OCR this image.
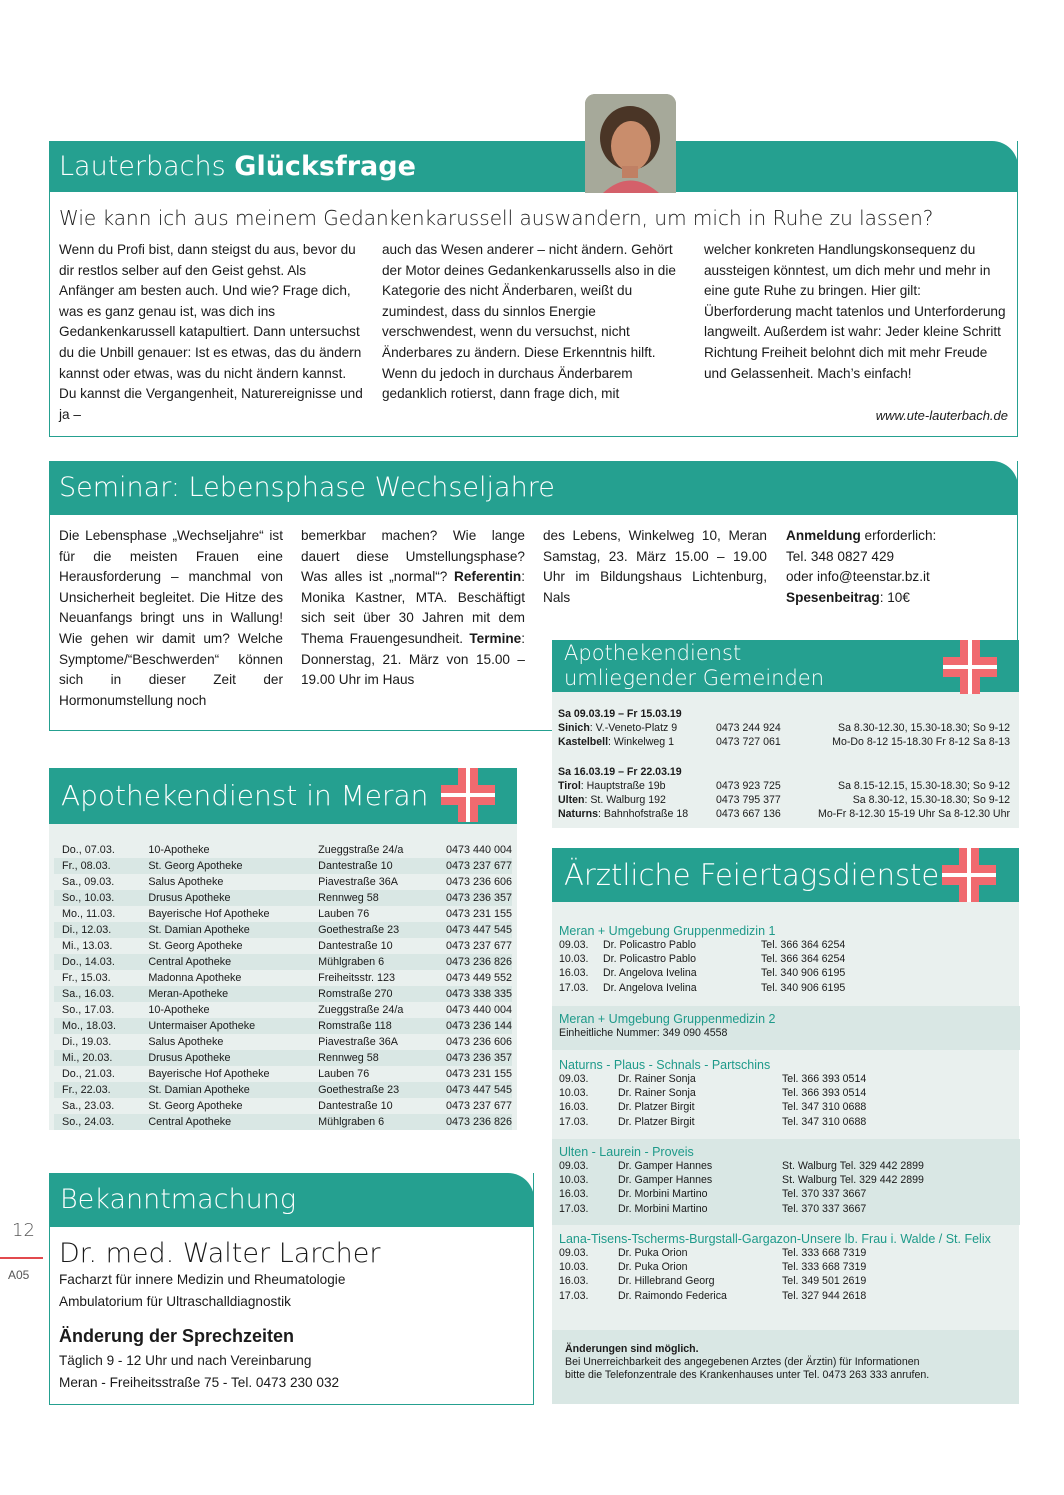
Lauterbachs Glücksfrage
Wie kann ich aus meinem Gedankenkarussell auswandern, um mich in Ruhe zu lassen?

Wenn du Profi bist, dann steigst du aus, bevor du dir restlos selber auf den Geist gehst. Als Anfänger am besten auch. Und wie? Frage dich, was es ganz genau ist, was dich ins Gedankenkarussell katapultiert. Dann untersuchst du die Unbill genauer: Ist es etwas, das du ändern kannst oder etwas, was du nicht ändern kannst. Du kannst die Vergangenheit, Naturereignisse und ja –

auch das Wesen anderer – nicht ändern. Gehört der Motor deines Gedankenkarussells also in die Kategorie des nicht Änderbaren, weißt du zumindest, dass du sinnlos Energie verschwendest, wenn du versuchst, nicht Änderbares zu ändern. Diese Erkenntnis hilft. Wenn du jedoch in durchaus Änderbarem gedanklich rotierst, dann frage dich, mit

welcher konkreten Handlungskonsequenz du aussteigen könntest, um dich mehr und mehr in eine gute Ruhe zu bringen. Hier gilt: Überforderung macht tatenlos und Unterforderung langweilt. Außerdem ist wahr: Jeder kleine Schritt Richtung Freiheit belohnt dich mit mehr Freude und Gelassenheit. Mach’s einfach!

www.ute-lauterbach.de
Seminar: Lebensphase Wechseljahre

Die Lebensphase „Wechseljahre“ ist für die meisten Frauen eine Herausforderung – manchmal von Unsicherheit begleitet. Die Hitze des Neuanfangs bringt uns in Wallung! Wie gehen wir damit um? Welche Symptome/“Beschwerden“ können sich in dieser Zeit der Hormonumstellung noch

bemerkbar machen? Wie lange dauert diese Umstellungsphase? Was alles ist „normal“? Referentin: Monika Kastner, MTA. Beschäftigt sich seit über 30 Jahren mit dem Thema Frauengesundheit. Termine: Donnerstag, 21. März von 15.00 – 19.00 Uhr im Haus

des Lebens, Winkelweg 10, Meran Samstag, 23. März 15.00 – 19.00 Uhr im Bildungshaus Lichtenburg, Nals

Anmeldung erforderlich:
Tel. 348 0827 429
oder info@teenstar.bz.it
Spesenbeitrag: 10€
Apothekendienst
umliegender Gemeinden
Sa 09.03.19 – Fr 15.03.19
Sinich: V.-Veneto-Platz 9	0473 244 924	Sa 8.30-12.30, 15.30-18.30; So 9-12
Kastelbell: Winkelweg 1	0473 727 061	Mo-Do 8-12 15-18.30 Fr 8-12 Sa 8-13
Sa 16.03.19 – Fr 22.03.19
Tirol: Hauptstraße 19b	0473 923 725	Sa 8.15-12.15, 15.30-18.30; So 9-12
Ulten: St. Walburg 192	0473 795 377	Sa 8.30-12, 15.30-18.30; So 9-12
Naturns: Bahnhofstraße 18	0473 667 136	Mo-Fr 8-12.30 15-19 Uhr Sa 8-12.30 Uhr
Apothekendienst in Meran
Do., 07.03.	10-Apotheke	Zueggstraße 24/a	0473 440 004
Fr., 08.03.	St. Georg Apotheke	Dantestraße 10	0473 237 677
Sa., 09.03.	Salus Apotheke	Piavestraße 36A	0473 236 606
So., 10.03.	Drusus Apotheke	Rennweg 58	0473 236 357
Mo., 11.03.	Bayerische Hof Apotheke	Lauben 76	0473 231 155
Di., 12.03.	St. Damian Apotheke	Goethestraße 23	0473 447 545
Mi., 13.03.	St. Georg Apotheke	Dantestraße 10	0473 237 677
Do., 14.03.	Central Apotheke	Mühlgraben 6	0473 236 826
Fr., 15.03.	Madonna Apotheke	Freiheitsstr. 123	0473 449 552
Sa., 16.03.	Meran-Apotheke	Romstraße 270	0473 338 335
So., 17.03.	10-Apotheke	Zueggstraße 24/a	0473 440 004
Mo., 18.03.	Untermaiser Apotheke	Romstraße 118	0473 236 144
Di., 19.03.	Salus Apotheke	Piavestraße 36A	0473 236 606
Mi., 20.03.	Drusus Apotheke	Rennweg 58	0473 236 357
Do., 21.03.	Bayerische Hof Apotheke	Lauben 76	0473 231 155
Fr., 22.03.	St. Damian Apotheke	Goethestraße 23	0473 447 545
Sa., 23.03.	St. Georg Apotheke	Dantestraße 10	0473 237 677
So., 24.03.	Central Apotheke	Mühlgraben 6	0473 236 826
Ärztliche Feiertagsdienste
Meran + Umgebung Gruppenmedizin 1
09.03.	Dr. Policastro Pablo	Tel. 366 364 6254
10.03.	Dr. Policastro Pablo	Tel. 366 364 6254
16.03.	Dr. Angelova Ivelina	Tel. 340 906 6195
17.03.	Dr. Angelova Ivelina	Tel. 340 906 6195
Meran + Umgebung Gruppenmedizin 2
Einheitliche Nummer: 349 090 4558
Naturns - Plaus - Schnals - Partschins
09.03.	Dr. Rainer Sonja	Tel. 366 393 0514
10.03.	Dr. Rainer Sonja	Tel. 366 393 0514
16.03.	Dr. Platzer Birgit	Tel. 347 310 0688
17.03.	Dr. Platzer Birgit	Tel. 347 310 0688
Ulten - Laurein - Proveis
09.03.	Dr. Gamper Hannes	St. Walburg Tel. 329 442 2899
10.03.	Dr. Gamper Hannes	St. Walburg Tel. 329 442 2899
16.03.	Dr. Morbini Martino	Tel. 370 337 3667
17.03.	Dr. Morbini Martino	Tel. 370 337 3667
Lana-Tisens-Tscherms-Burgstall-Gargazon-Unsere lb. Frau i. Walde / St. Felix
09.03.	Dr. Puka Orion	Tel. 333 668 7319
10.03.	Dr. Puka Orion	Tel. 333 668 7319
16.03.	Dr. Hillebrand Georg	Tel. 349 501 2619
17.03.	Dr. Raimondo Federica	Tel. 327 944 2618
Änderungen sind möglich.
Bei Unerreichbarkeit des angegebenen Arztes (der Ärztin) für Informationen
bitte die Telefonzentrale des Krankenhauses unter Tel. 0473 263 333 anrufen.
Bekanntmachung
Dr. med. Walter Larcher
Facharzt für innere Medizin und Rheumatologie
Ambulatorium für Ultraschalldiagnostik
Änderung der Sprechzeiten
Täglich 9 - 12 Uhr und nach Vereinbarung
Meran - Freiheitsstraße 75 - Tel. 0473 230 032
12
A05
